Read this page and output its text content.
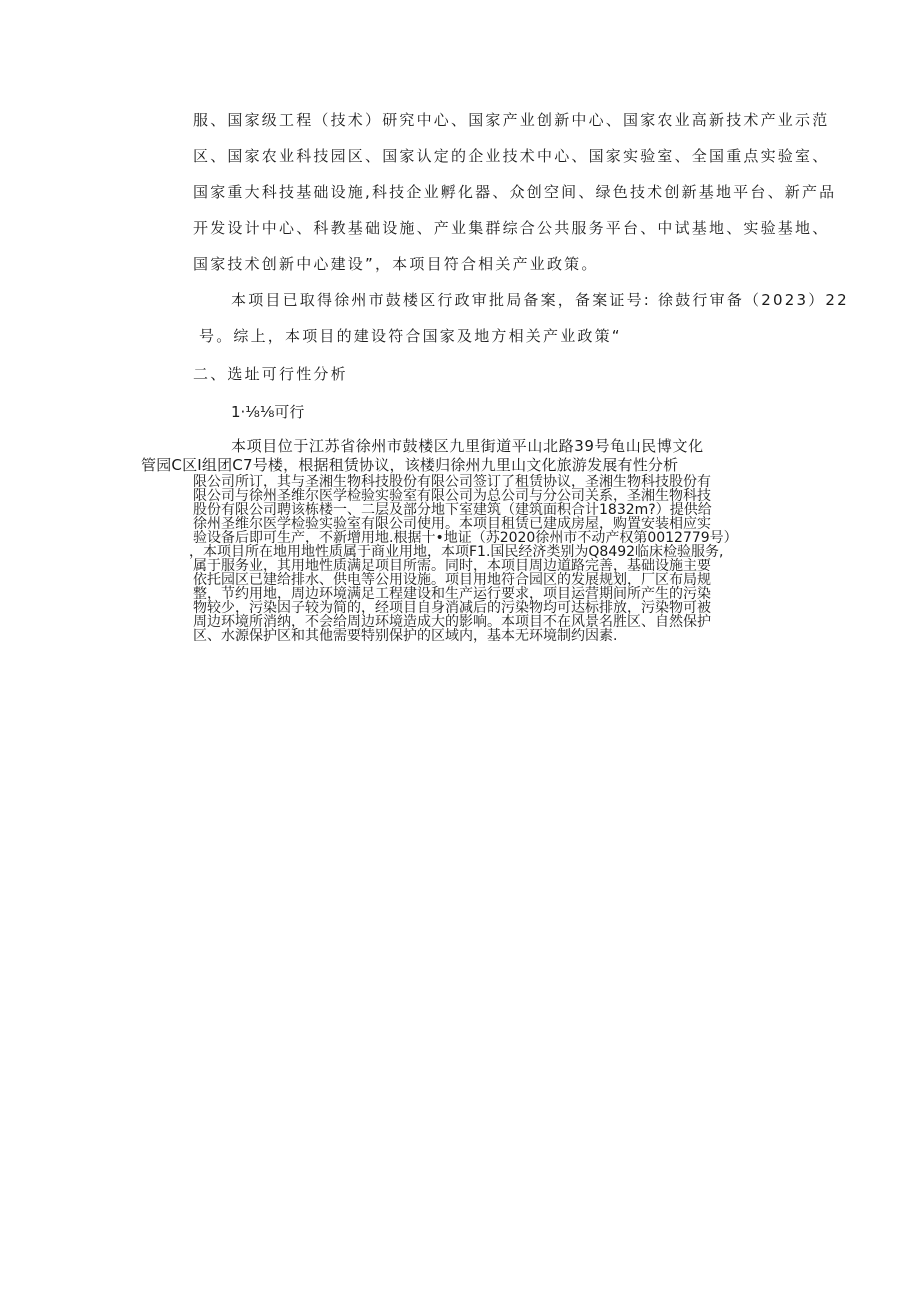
服、国家级工程（技术）研究中心、国家产业创新中心、国家农业高新技术产业示范

区、国家农业科技园区、国家认定的企业技术中心、国家实验室、全国重点实验室、

国家重大科技基础设施,科技企业孵化器、众创空间、绿色技术创新基地平台、新产品

开发设计中心、科教基础设施、产业集群综合公共服务平台、中试基地、实验基地、

国家技术创新中心建设”，本项目符合相关产业政策。

本项目已取得徐州市鼓楼区行政审批局备案，备案证号: 徐鼓行审备（2023）22

号。综上，本项目的建设符合国家及地方相关产业政策“

二、选址可行性分析

1·⅛⅛可行

本项目位于江苏省徐州市鼓楼区九里街道平山北路39号龟山民博文化

管园C区I组团C7号楼，根据租赁协议，该楼归徐州九里山文化旅游发展有性分析

限公司所订，其与圣湘生物科技股份有限公司签订了租赁协议，圣湘生物科技股份有

限公司与徐州圣维尔医学检验实验室有限公司为总公司与分公司关系，圣湘生物科技

股份有限公司聘该栋楼一、二层及部分地下室建筑（建筑面积合计1832m?）提供给

徐州圣维尔医学检验实验室有限公司使用。本项目租赁已建成房屋，购置安装相应实

验设备后即可生产，不新增用地.根据十•地证（苏2020徐州市不动产权第0012779号）

，本项目所在地用地性质属于商业用地，本项F1.国民经济类别为Q8492临床检验服务,

属于服务业，其用地性质满足项目所需。同时，本项目周边道路完善，基础设施主要

依托园区已建给排水、供电等公用设施。项目用地符合园区的发展规划，厂区布局规

整，节约用地，周边环境满足工程建设和生产运行要求，项目运营期间所产生的污染

物较少，污染因子较为简的，经项目自身消减后的污染物均可达标排放，污染物可被

周边环境所消纳，不会给周边环境造成大的影响。本项目不在风景名胜区、自然保护

区、水源保护区和其他需要特别保护的区域内，基本无环境制约因素.
